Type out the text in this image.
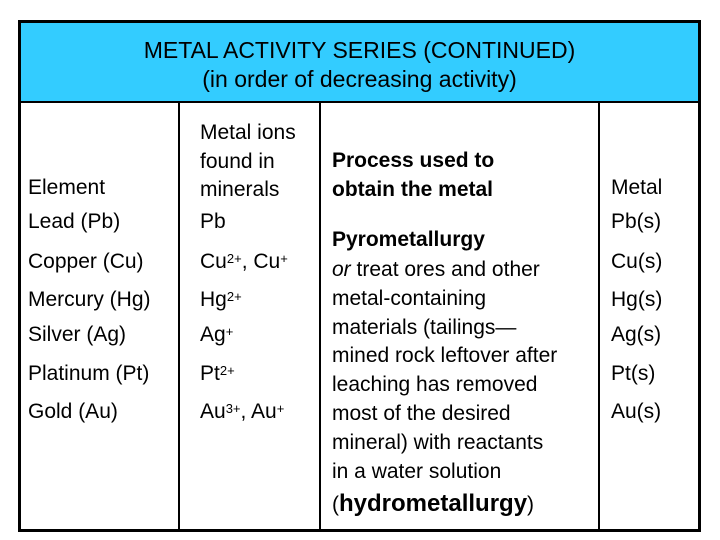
METAL ACTIVITY SERIES (CONTINUED)
(in order of decreasing activity)
Element
Metal ions
found in
minerals
Process used to
obtain the metal	Metal
Lead (Pb)
Copper (Cu)
Mercury (Hg)
Silver (Ag)
Platinum (Pt)
Gold (Au)
Pb
$Cu^{2+}$, Cu+
$Hg^{2+}$
Ag+
$Pt^{2+}$
$Au^{3+}$, Au+
Pyrometallurgy
or treat ores and other
metal-containing
materials (tailings—
mined rock leftover after
leaching has removed
most of the desired
mineral) with reactants
in a water solution
(hydrometallurgy)
Pb(s)
Cu(s)
Hg(s)
Ag(s)
Pt(s)
Au(s)
